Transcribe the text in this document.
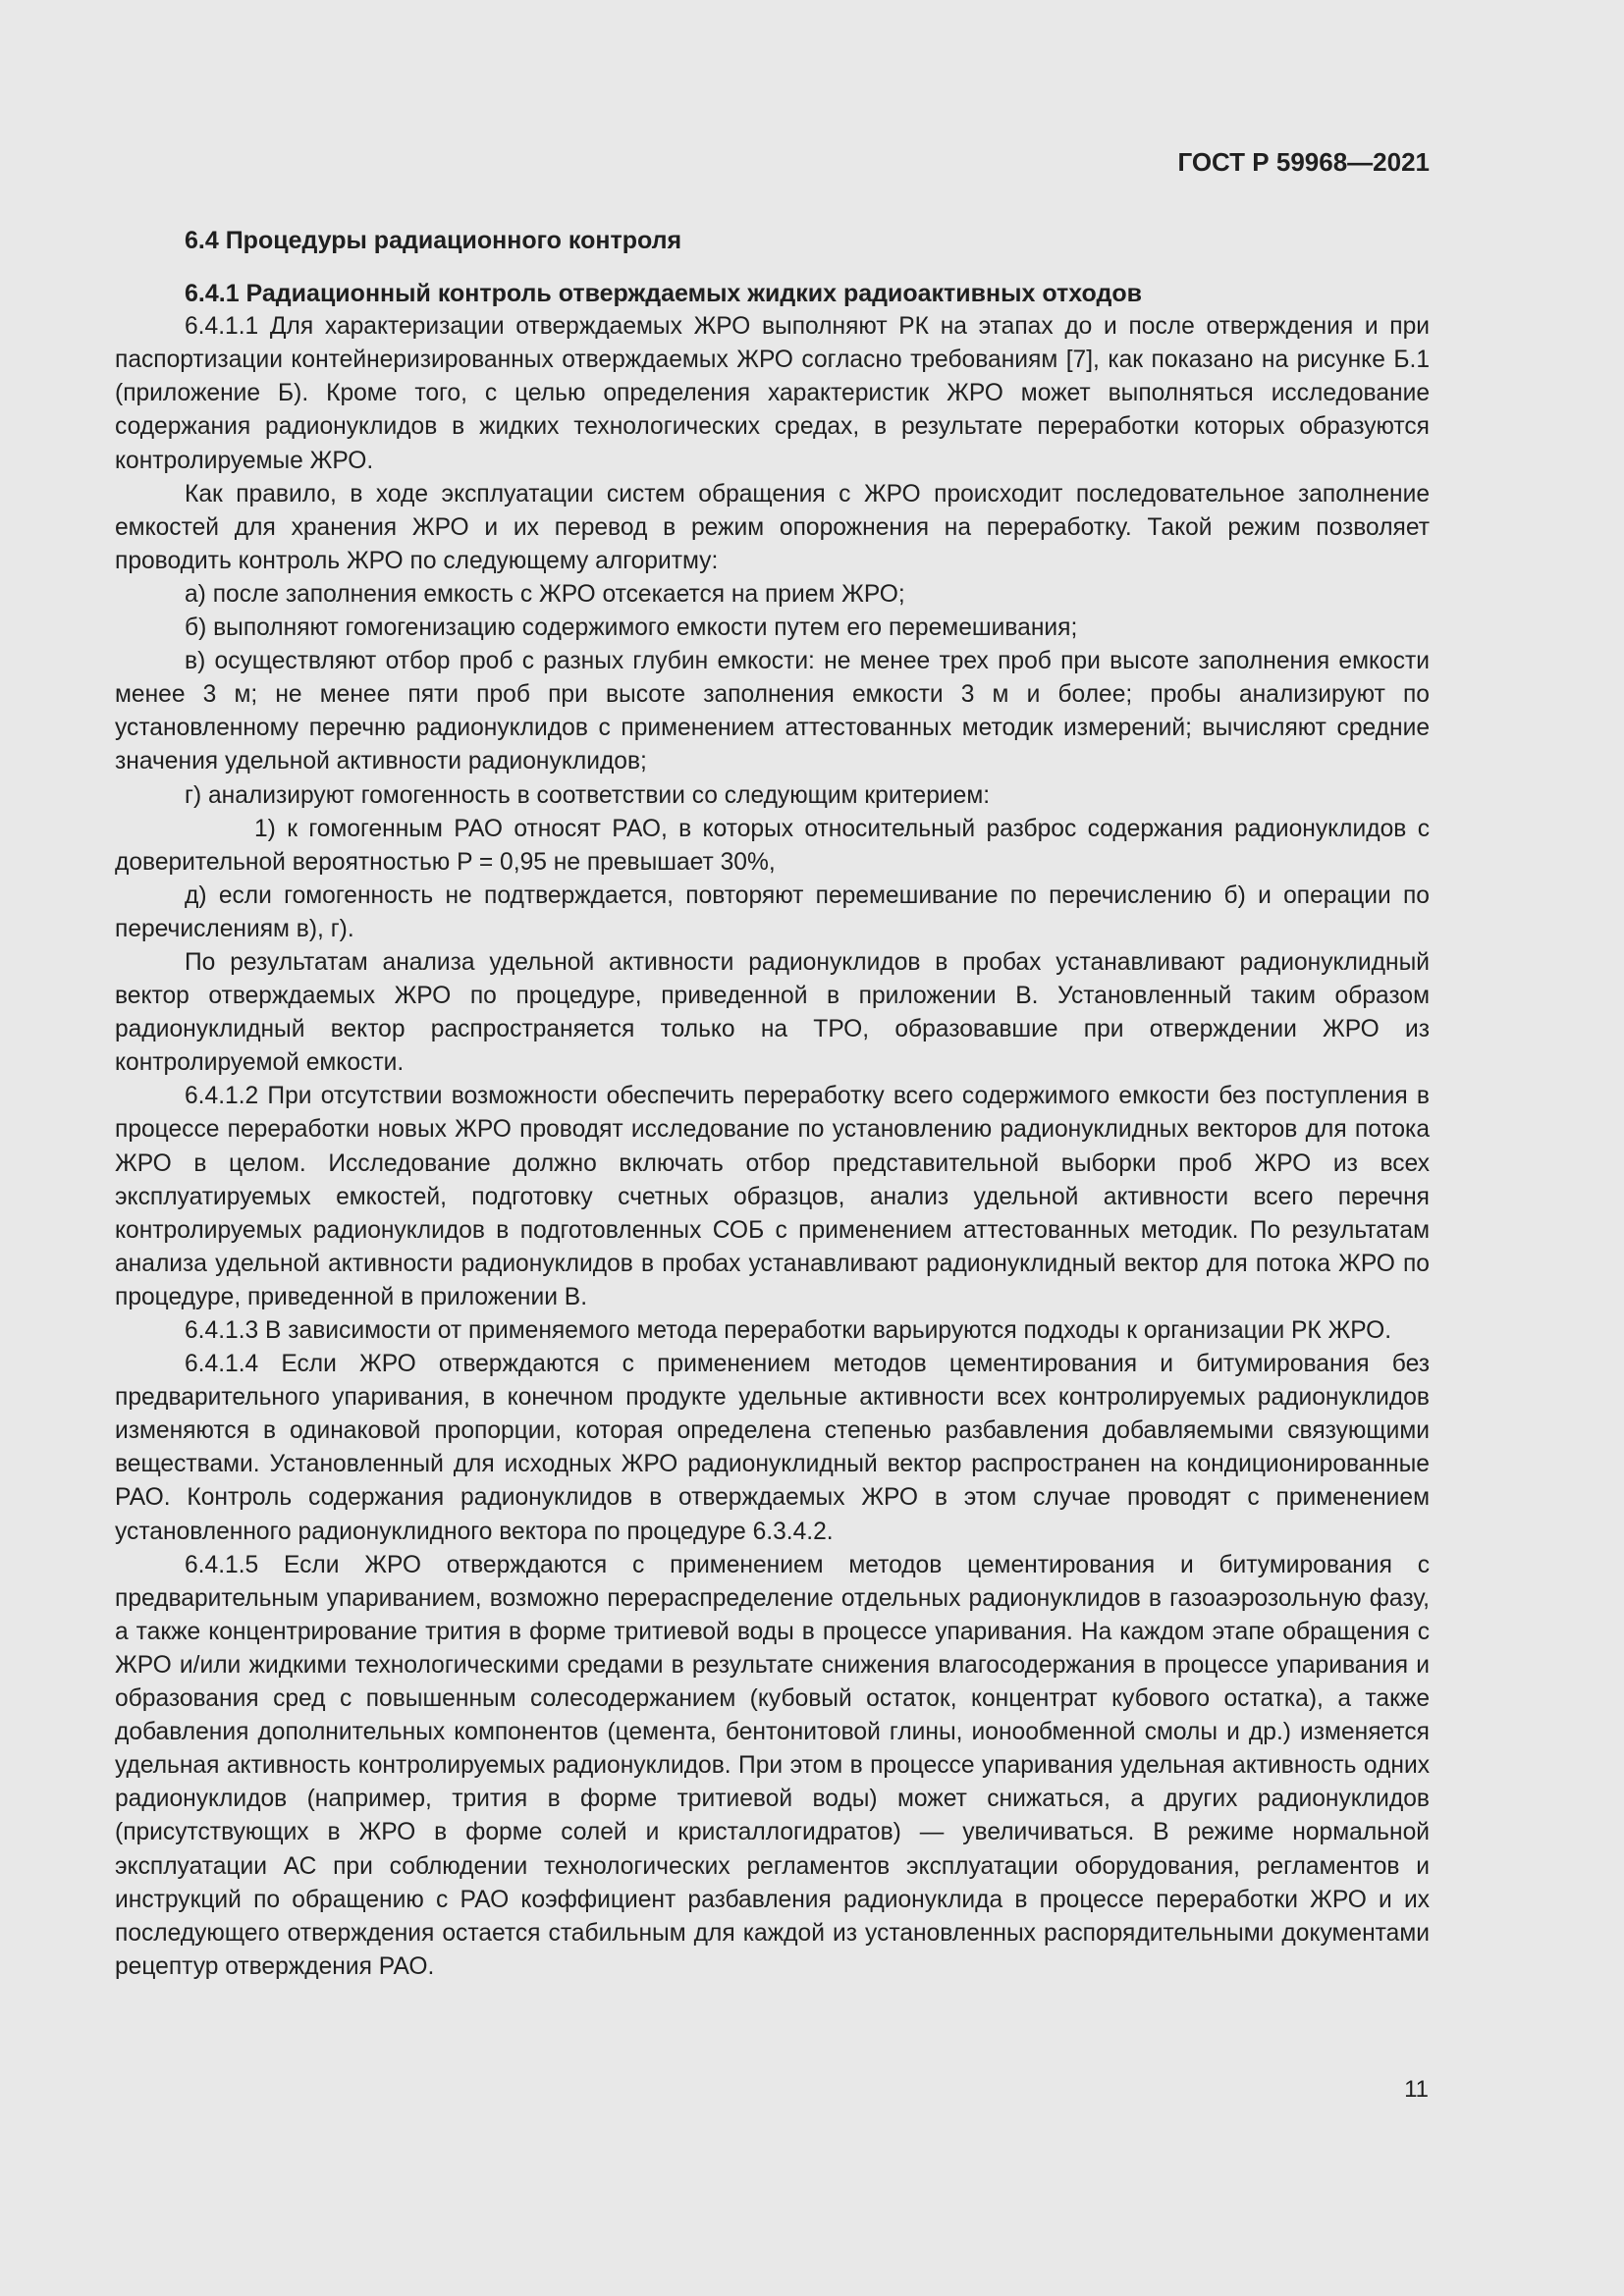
ГОСТ Р 59968—2021

6.4 Процедуры радиационного контроля

6.4.1 Радиационный контроль отверждаемых жидких радиоактивных отходов

6.4.1.1 Для характеризации отверждаемых ЖРО выполняют РК на этапах до и после отверждения и при паспортизации контейнеризированных отверждаемых ЖРО согласно требованиям [7], как показано на рисунке Б.1 (приложение Б). Кроме того, с целью определения характеристик ЖРО может выполняться исследование содержания радионуклидов в жидких технологических средах, в результате переработки которых образуются контролируемые ЖРО.

Как правило, в ходе эксплуатации систем обращения с ЖРО происходит последовательное заполнение емкостей для хранения ЖРО и их перевод в режим опорожнения на переработку. Такой режим позволяет проводить контроль ЖРО по следующему алгоритму:

а) после заполнения емкость с ЖРО отсекается на прием ЖРО;

б) выполняют гомогенизацию содержимого емкости путем его перемешивания;

в) осуществляют отбор проб с разных глубин емкости: не менее трех проб при высоте заполнения емкости менее 3 м; не менее пяти проб при высоте заполнения емкости 3 м и более; пробы анализируют по установленному перечню радионуклидов с применением аттестованных методик измерений; вычисляют средние значения удельной активности радионуклидов;

г) анализируют гомогенность в соответствии со следующим критерием:

1) к гомогенным РАО относят РАО, в которых относительный разброс содержания радионуклидов с доверительной вероятностью P = 0,95 не превышает 30%,

д) если гомогенность не подтверждается, повторяют перемешивание по перечислению б) и операции по перечислениям в), г).

По результатам анализа удельной активности радионуклидов в пробах устанавливают радионуклидный вектор отверждаемых ЖРО по процедуре, приведенной в приложении В. Установленный таким образом радионуклидный вектор распространяется только на ТРО, образовавшие при отверждении ЖРО из контролируемой емкости.

6.4.1.2 При отсутствии возможности обеспечить переработку всего содержимого емкости без поступления в процессе переработки новых ЖРО проводят исследование по установлению радионуклидных векторов для потока ЖРО в целом. Исследование должно включать отбор представительной выборки проб ЖРО из всех эксплуатируемых емкостей, подготовку счетных образцов, анализ удельной активности всего перечня контролируемых радионуклидов в подготовленных СОБ с применением аттестованных методик. По результатам анализа удельной активности радионуклидов в пробах устанавливают радионуклидный вектор для потока ЖРО по процедуре, приведенной в приложении В.

6.4.1.3 В зависимости от применяемого метода переработки варьируются подходы к организации РК ЖРО.

6.4.1.4 Если ЖРО отверждаются с применением методов цементирования и битумирования без предварительного упаривания, в конечном продукте удельные активности всех контролируемых радионуклидов изменяются в одинаковой пропорции, которая определена степенью разбавления добавляемыми связующими веществами. Установленный для исходных ЖРО радионуклидный вектор распространен на кондиционированные РАО. Контроль содержания радионуклидов в отверждаемых ЖРО в этом случае проводят с применением установленного радионуклидного вектора по процедуре 6.3.4.2.

6.4.1.5 Если ЖРО отверждаются с применением методов цементирования и битумирования с предварительным упариванием, возможно перераспределение отдельных радионуклидов в газоаэрозольную фазу, а также концентрирование трития в форме тритиевой воды в процессе упаривания. На каждом этапе обращения с ЖРО и/или жидкими технологическими средами в результате снижения влагосодержания в процессе упаривания и образования сред с повышенным солесодержанием (кубовый остаток, концентрат кубового остатка), а также добавления дополнительных компонентов (цемента, бентонитовой глины, ионообменной смолы и др.) изменяется удельная активность контролируемых радионуклидов. При этом в процессе упаривания удельная активность одних радионуклидов (например, трития в форме тритиевой воды) может снижаться, а других радионуклидов (присутствующих в ЖРО в форме солей и кристаллогидратов) — увеличиваться. В режиме нормальной эксплуатации АС при соблюдении технологических регламентов эксплуатации оборудования, регламентов и инструкций по обращению с РАО коэффициент разбавления радионуклида в процессе переработки ЖРО и их последующего отверждения остается стабильным для каждой из установленных распорядительными документами рецептур отверждения РАО.

11
